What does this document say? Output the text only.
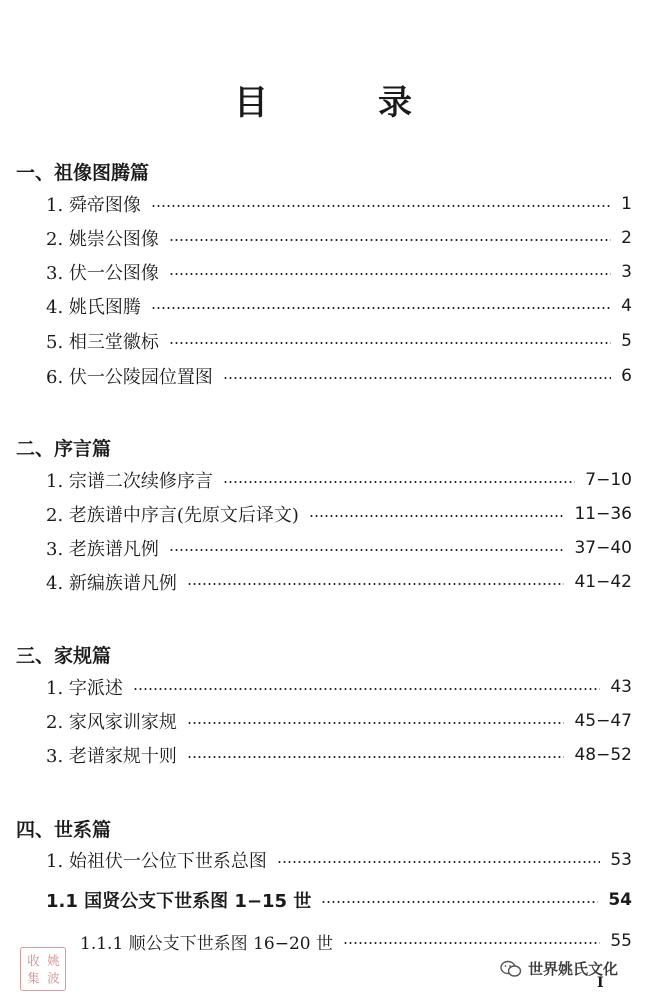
目　录
一、祖像图腾篇
1. 舜帝图像	1
2. 姚崇公图像	2
3. 伏一公图像	3
4. 姚氏图腾	4
5. 相三堂徽标	5
6. 伏一公陵园位置图	6
二、序言篇
1. 宗谱二次续修序言	7−10
2. 老族谱中序言(先原文后译文)	11−36
3. 老族谱凡例	37−40
4. 新编族谱凡例	41−42
三、家规篇
1. 字派述	43
2. 家风家训家规	45−47
3. 老谱家规十则	48−52
四、世系篇
1. 始祖伏一公位下世系总图	53
1.1 国贤公支下世系图 1−15 世	54
1.1.1 顺公支下世系图 16−20 世	55
姚
波
收
集	世界姚氏文化
I
